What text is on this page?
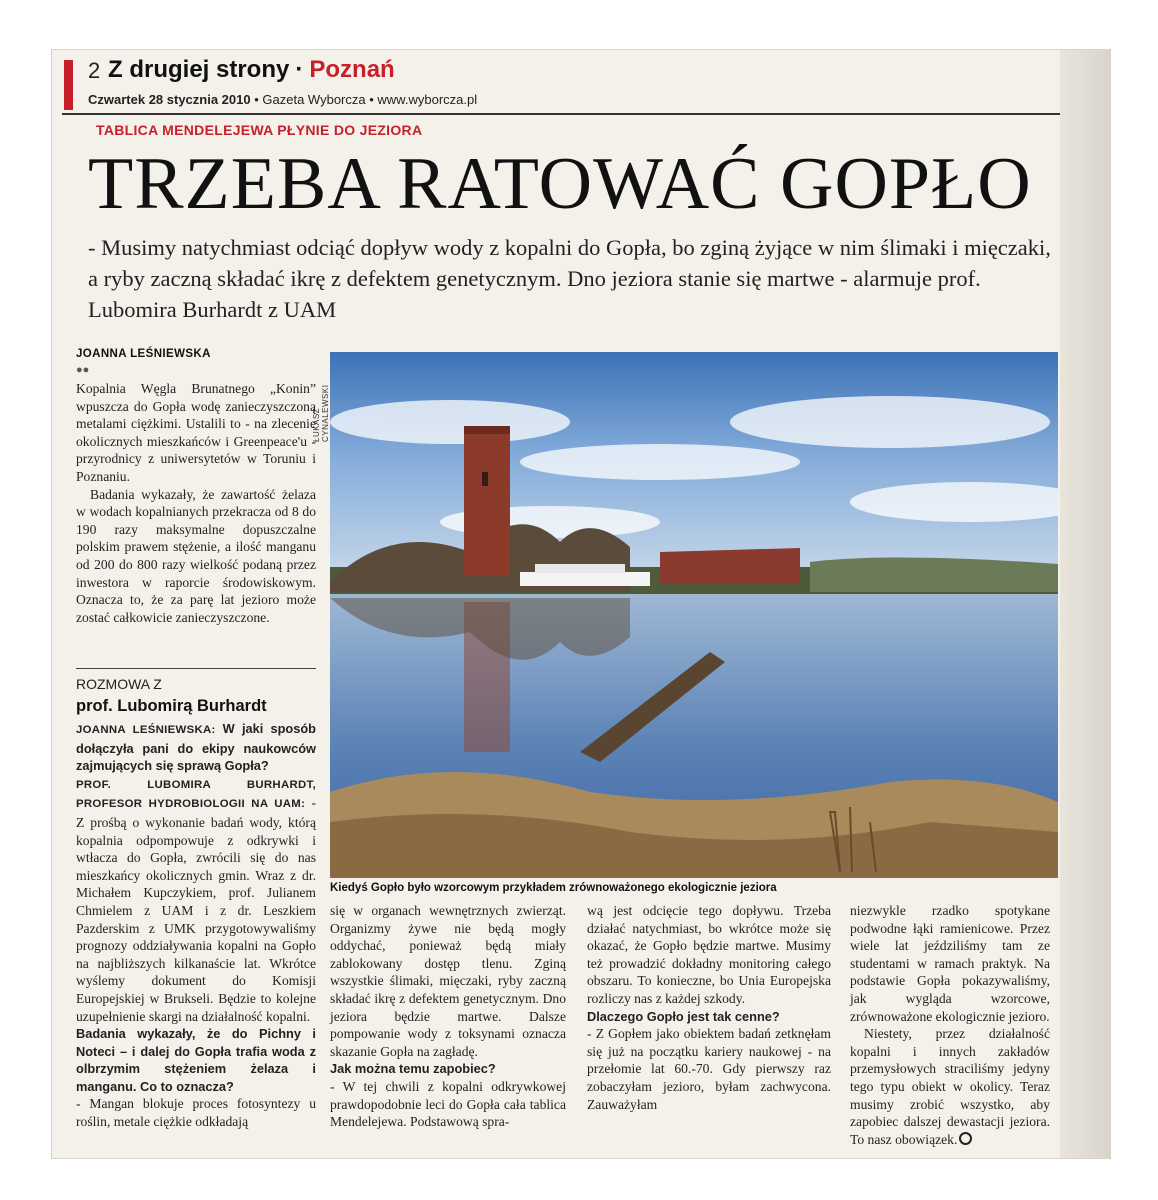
2 Z drugiej strony · Poznań
Czwartek 28 stycznia 2010 • Gazeta Wyborcza • www.wyborcza.pl
TABLICA MENDELEJEWA PŁYNIE DO JEZIORA
TRZEBA RATOWAĆ GOPŁO
- Musimy natychmiast odciąć dopływ wody z kopalni do Gopła, bo zginą żyjące w nim ślimaki i mięczaki, a ryby zaczną składać ikrę z defektem genetycznym. Dno jeziora stanie się martwe - alarmuje prof. Lubomira Burhardt z UAM
JOANNA LEŚNIEWSKA
●●

Kopalnia Węgla Brunatnego „Konin” wpuszcza do Gopła wodę zanieczyszczoną metalami ciężkimi. Ustalili to - na zlecenie okolicznych mieszkańców i Greenpeace'u - przyrodnicy z uniwersytetów w Toruniu i Poznaniu.

Badania wykazały, że zawartość żelaza w wodach kopalnianych przekracza od 8 do 190 razy maksymalne dopuszczalne polskim prawem stężenie, a ilość manganu od 200 do 800 razy wielkość podaną przez inwestora w raporcie środowiskowym. Oznacza to, że za parę lat jezioro może zostać całkowicie zanieczyszczone.

ROZMOWA Z
prof. Lubomirą Burhardt

JOANNA LEŚNIEWSKA: W jaki sposób dołączyła pani do ekipy naukowców zajmujących się sprawą Gopła?

PROF. LUBOMIRA BURHARDT, PROFESOR HYDROBIOLOGII NA UAM: - Z prośbą o wykonanie badań wody, którą kopalnia odpompowuje z odkrywki i wtłacza do Gopła, zwrócili się do nas mieszkańcy okolicznych gmin. Wraz z dr. Michałem Kupczykiem, prof. Julianem Chmielem z UAM i z dr. Leszkiem Pazderskim z UMK przygotowywaliśmy prognozy oddziaływania kopalni na Gopło na najbliższych kilkanaście lat. Wkrótce wyślemy dokument do Komisji Europejskiej w Brukseli. Będzie to kolejne uzupełnienie skargi na działalność kopalni.

Badania wykazały, że do Pichny i Noteci – i dalej do Gopła trafia woda z olbrzymim stężeniem żelaza i manganu. Co to oznacza?

- Mangan blokuje proces fotosyntezy u roślin, metale ciężkie odkładają

ŁUKASZ CYNALEWSKI
Kiedyś Gopło było wzorcowym przykładem zrównoważonego ekologicznie jeziora

się w organach wewnętrznych zwierząt. Organizmy żywe nie będą mogły oddychać, ponieważ będą miały zablokowany dostęp tlenu. Zginą wszystkie ślimaki, mięczaki, ryby zaczną składać ikrę z defektem genetycznym. Dno jeziora będzie martwe. Dalsze pompowanie wody z toksynami oznacza skazanie Gopła na zagładę.

Jak można temu zapobiec?

- W tej chwili z kopalni odkrywkowej prawdopodobnie leci do Gopła cała tablica Mendelejewa. Podstawową spra-

wą jest odcięcie tego dopływu. Trzeba działać natychmiast, bo wkrótce może się okazać, że Gopło będzie martwe. Musimy też prowadzić dokładny monitoring całego obszaru. To konieczne, bo Unia Europejska rozliczy nas z każdej szkody.

Dlaczego Gopło jest tak cenne?

- Z Gopłem jako obiektem badań zetknęłam się już na początku kariery naukowej - na przełomie lat 60.-70. Gdy pierwszy raz zobaczyłam jezioro, byłam zachwycona. Zauważyłam

niezwykle rzadko spotykane podwodne łąki ramienicowe. Przez wiele lat jeździliśmy tam ze studentami w ramach praktyk. Na podstawie Gopła pokazywaliśmy, jak wygląda wzorcowe, zrównoważone ekologicznie jezioro.

Niestety, przez działalność kopalni i innych zakładów przemysłowych straciliśmy jedyny tego typu obiekt w okolicy. Teraz musimy zrobić wszystko, aby zapobiec dalszej dewastacji jeziora. To nasz obowiązek.
